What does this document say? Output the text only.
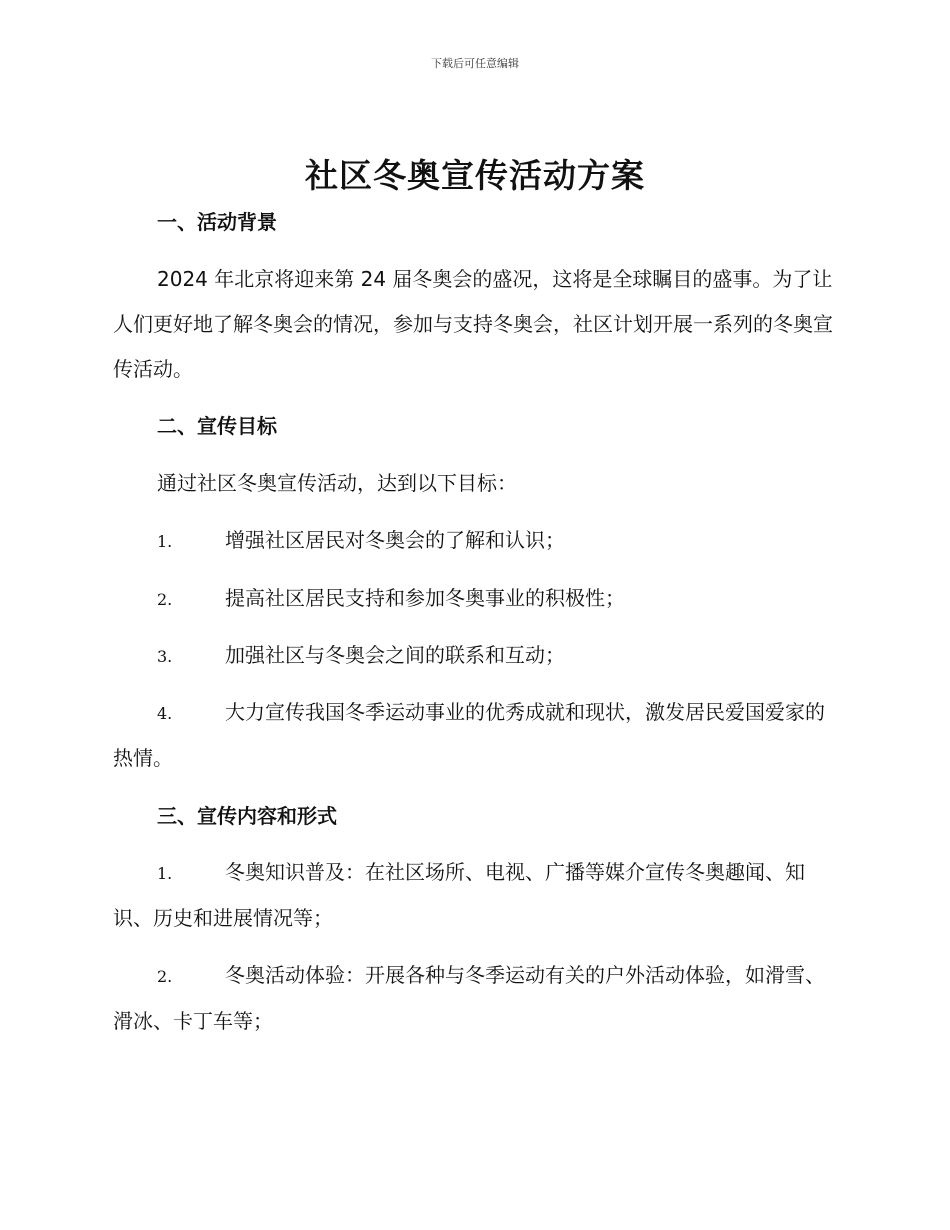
下载后可任意编辑
社区冬奥宣传活动方案

一、活动背景

2024 年北京将迎来第 24 届冬奥会的盛况，这将是全球瞩目的盛事。为了让人们更好地了解冬奥会的情况，参加与支持冬奥会，社区计划开展一系列的冬奥宣传活动。

二、宣传目标

通过社区冬奥宣传活动，达到以下目标：

1.	增强社区居民对冬奥会的了解和认识；

2.	提高社区居民支持和参加冬奥事业的积极性；

3.	加强社区与冬奥会之间的联系和互动；

4.	大力宣传我国冬季运动事业的优秀成就和现状，激发居民爱国爱家的热情。

三、宣传内容和形式

1.	冬奥知识普及：在社区场所、电视、广播等媒介宣传冬奥趣闻、知识、历史和进展情况等；

2.	冬奥活动体验：开展各种与冬季运动有关的户外活动体验，如滑雪、滑冰、卡丁车等；
